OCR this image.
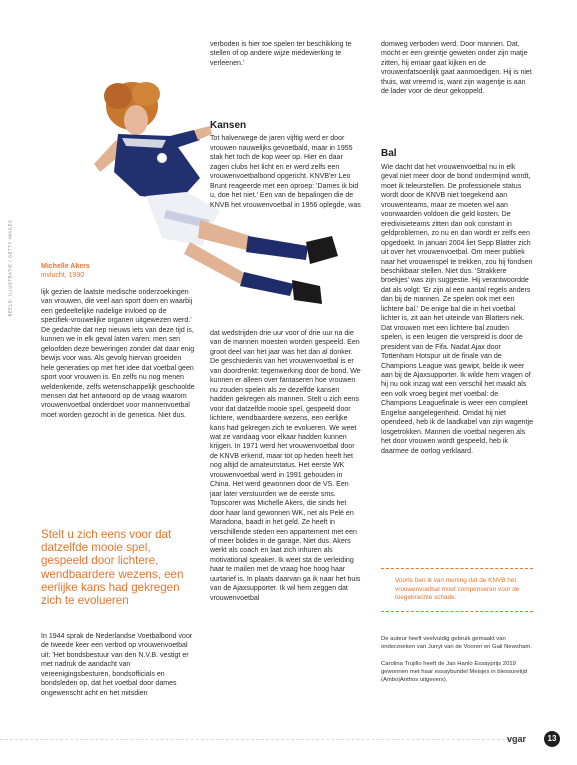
BEELD: ILLUSTRATIE / GETTY IMAGES	Michelle Akers
invlucht, 1990

lijk gezien de laatste medische onderzoekingen van vrouwen, die veel aan sport doen en waarbij een gedeeltelijke nadelige invloed op de specifiek-vrouwelijke organen uitgewezen werd.' De gedachte dat nep nieuws iets van deze tijd is, kunnen we in elk geval laten varen: men sen geloofden deze beweringen zonder dat daar enig bewijs voor was. Als gevolg hiervan groeiden hele generaties op met het idee dat voetbal geen sport voor vrouwen is. En zelfs nu nog menen weldenkende, zelfs wetenschappelijk geschoolde mensen dat het antwoord op de vraag waarom vrouwenvoetbal onderdoet voor mannenvoetbal moet worden gezocht in de genetica. Niet dus.

Stelt u zich eens voor dat datzelfde mooie spel, gespeeld door lichtere, wendbaardere wezens, een eerlijke kans had gekregen zich te evolueren

In 1944 sprak de Nederlandse Voetbalbond voor de tweede keer een verbod op vrouwenvoetbal uit: 'Het bondsbestuur van den N.V.B. vestigt er met nadruk de aandacht van vereenigingsbesturen, bondsofficials en bondsleden op, dat het voetbal door dames ongewenscht acht en het mitsdien

verboden is hier toe spelen ter beschikking te stellen of op andere wijze medewerking te verleenen.'

Kansen

Tot halverwege de jaren vijftig werd er door vrouwen nauwelijks gevoetbald, maar in 1955 stak het toch de kop weer op. Hier en daar zagen clubs het licht en er werd zelfs een vrouwenvoetbalbond opgericht. KNVB'er Leo Brunt reageerde met een oproep: 'Dames ik bid u, doe het niet.' Een van de bepalingen die de KNVB het vrouwenvoetbal in 1956 oplegde, was

dat wedstrijden drie uur voor of drie uur na die van de mannen moesten worden gespeeld. Een groot deel van het jaar was het dan al donker. De geschiedenis van het vrouwenvoetbal is er van doordrenkt: tegenwerking door de bond. We kunnen er alleen over fantaseren hoe vrouwen nu zouden spelen als ze dezelfde kansen hadden gekregen als mannen. Stelt u zich eens voor dat datzelfde mooie spel, gespeeld door lichtere, wendbaardere wezens, een eerlijke kans had gekregen zich te evolueren. We weet wat ze vandaag voor elkaar hadden kunnen krijgen. In 1971 werd het vrouwenvoetbal door de KNVB erkend, maar tot op heden heeft het nog altijd de amateurstatus. Het eerste WK vrouwenvoetbal werd in 1991 gehouden in China. Het werd gewonnen door de VS. Een jaar later verstuurden we de eerste sms. Topscorer was Michelle Akers, die sinds het door haar land gewonnen WK, net als Pelé en Maradona, baadt in het geld. Ze heeft in verschillende steden een appartement met een of meer bolides in de garage. Niet dus. Akers werkt als coach en laat zich inhuren als motivational speaker. Ik weet sta de verleiding haar te mailen met de vraag hoe hoog haar uurtarief is. In plaats daarvan ga ik naar het huis van de Ajaxsupporter. Ik wil hem zeggen dat vrouwenvoetbal

domweg verboden werd. Door mannen. Dat, mocht er een greintje geweten onder zijn matje zitten, hij emaar gaat kijken en de vrouwenfatsoenlijk gaat aanmoedigen. Hij is niet thuis, wat vreemd is, want zijn wagentje is aan de lader voor de deur gekoppeld.

Bal

Wie dacht dat het vrouwenvoetbal nu in elk geval niet meer door de bond ondermijnd wordt, moet ik teleurstellen. De professionele status wordt door de KNVB niet toegekend aan vrouwenteams, maar ze moeten wel aan voorwaarden voldoen die geld kosten. De eredivisieteams zitten dan ook constant in geldproblemen, zo nu en dan wordt er zelfs een opgedoekt. In januari 2004 liet Sepp Blatter zich uit over het vrouwenvoetbal. Om meer publiek naar het vrouwenspel te trekken, zou hij fondsen beschikbaar stellen. Niet dus. 'Strakkere broekjes' was zijn suggestie. Hij verantwoordde dat als volgt: 'Er zijn al een aantal regels anders dan bij de mannen. Ze spelen ook met een lichtere bal.' De enige bal die in het voetbal lichter is, zit aan het uiteinde van Blatters nek. Dat vrouwen met een lichtere bal zouden spelen, is een leugen die verspreid is door de president van de Fifa. Nadat Ajax door Tottenham Hotspur uit de finale van de Champions League was gewipt, belde ik weer aan bij de Ajaxsupporter. Ik wilde hem vragen of hij nu ook inzag wat een verschil het maakt als een volk vroeg begint met voetbal: de Champions Leaguefinale is weer een compleet Engelse aangelegenheid. Omdat hij niet opendeed, heb ik de laadkabel van zijn wagentje losgetrokken. Mannen die voetbal negeren als het door vrouwen wordt gespeeld, heb ik daarmee de oorlog verklaard.

Voorts ben ik van mening dat de KNVB het vrouwenvoetbal moet compenseren voor de toegebrachte schade.
De auteur heeft veelvuldig gebruik gemaakt van onderzoeken van Jurryt van de Vooren en Gail Newsham.
Carolina Trujillo heeft de Jan Hanlo Essayprijs 2019 gewonnen met haar essaybundel Meisjes in blessuretijd (Ambo|Anthos uitgevers).
vgar	13
